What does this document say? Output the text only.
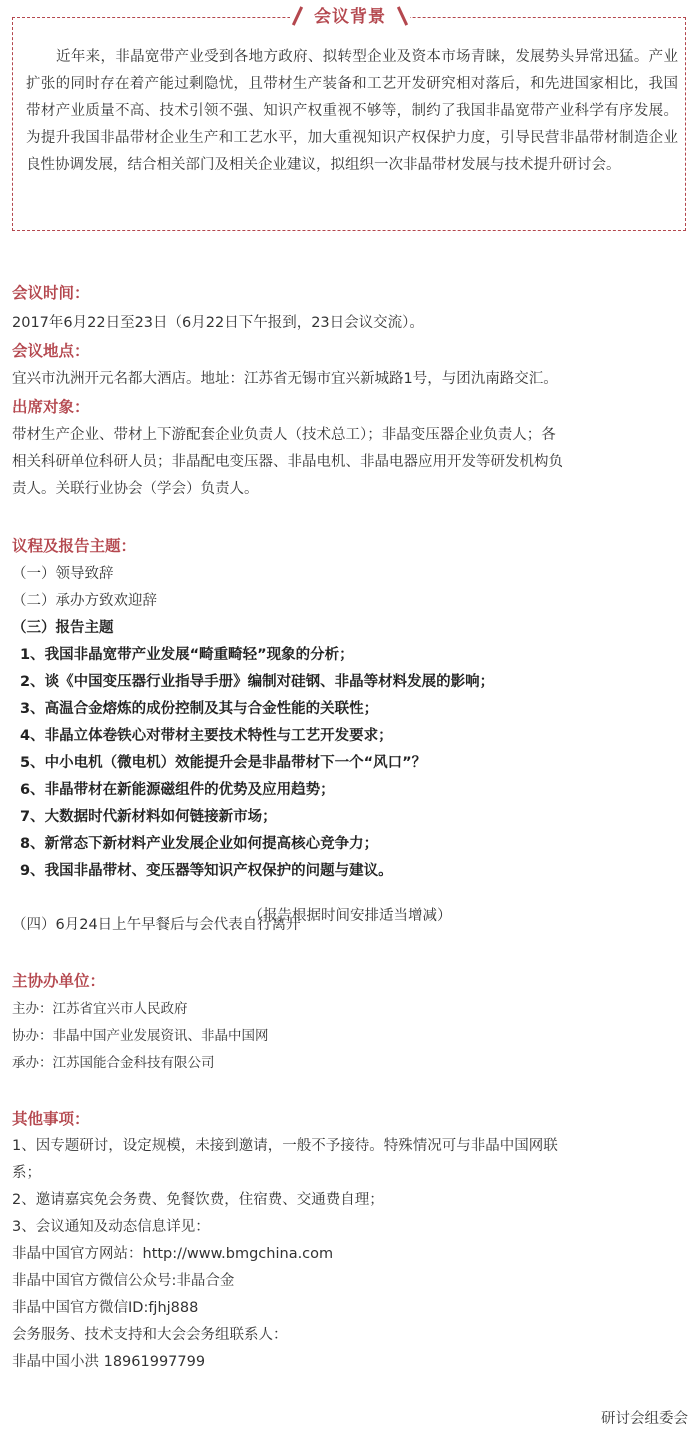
会议背景

近年来，非晶宽带产业受到各地方政府、拟转型企业及资本市场青睐，发展势头异常迅猛。产业扩张的同时存在着产能过剩隐忧，且带材生产装备和工艺开发研究相对落后，和先进国家相比，我国带材产业质量不高、技术引领不强、知识产权重视不够等，制约了我国非晶宽带产业科学有序发展。为提升我国非晶带材企业生产和工艺水平，加大重视知识产权保护力度，引导民营非晶带材制造企业良性协调发展，结合相关部门及相关企业建议，拟组织一次非晶带材发展与技术提升研讨会。

会议时间：

2017年6月22日至23日（6月22日下午报到，23日会议交流）。

会议地点：

宜兴市氿洲开元名都大酒店。地址：江苏省无锡市宜兴新城路1号，与团氿南路交汇。

出席对象：

带材生产企业、带材上下游配套企业负责人（技术总工）；非晶变压器企业负责人；各

相关科研单位科研人员；非晶配电变压器、非晶电机、非晶电器应用开发等研发机构负

责人。关联行业协会（学会）负责人。

议程及报告主题：

（一）领导致辞

（二）承办方致欢迎辞

（三）报告主题

1、我国非晶宽带产业发展“畸重畸轻”现象的分析；

2、谈《中国变压器行业指导手册》编制对硅钢、非晶等材料发展的影响；

3、高温合金熔炼的成份控制及其与合金性能的关联性；

4、非晶立体卷铁心对带材主要技术特性与工艺开发要求；

5、中小电机（微电机）效能提升会是非晶带材下一个“风口”？

6、非晶带材在新能源磁组件的优势及应用趋势；

7、大数据时代新材料如何链接新市场；

8、新常态下新材料产业发展企业如何提高核心竞争力；

9、我国非晶带材、变压器等知识产权保护的问题与建议。

（报告根据时间安排适当增减）

（四）6月24日上午早餐后与会代表自行离开

主协办单位：

主办：江苏省宜兴市人民政府

协办：非晶中国产业发展资讯、非晶中国网

承办：江苏国能合金科技有限公司

其他事项：

1、因专题研讨，设定规模，未接到邀请，一般不予接待。特殊情况可与非晶中国网联

系；

2、邀请嘉宾免会务费、免餐饮费，住宿费、交通费自理；

3、会议通知及动态信息详见：

非晶中国官方网站：http://www.bmgchina.com

非晶中国官方微信公众号:非晶合金

非晶中国官方微信ID:fjhj888

会务服务、技术支持和大会会务组联系人：

非晶中国小洪 18961997799

研讨会组委会
